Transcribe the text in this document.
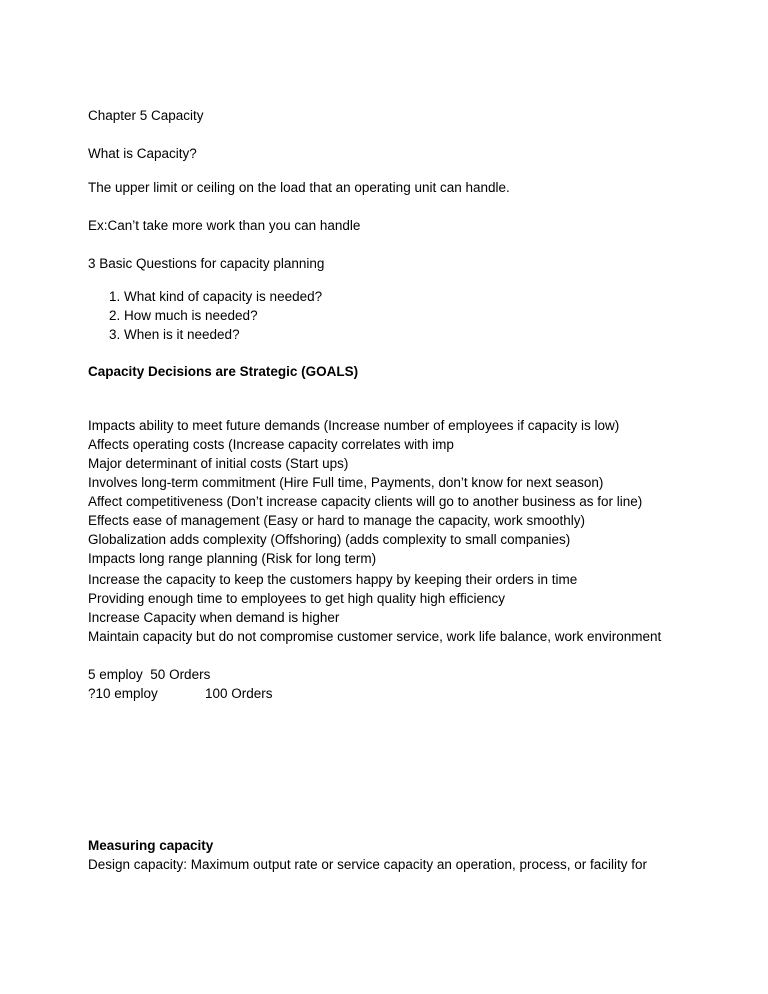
Chapter 5 Capacity

What is Capacity?

The upper limit or ceiling on the load that an operating unit can handle.

Ex:Can’t take more work than you can handle

3 Basic Questions for capacity planning

1. What kind of capacity is needed?
2. How much is needed?
3. When is it needed?

Capacity Decisions are Strategic (GOALS)

Impacts ability to meet future demands (Increase number of employees if capacity is low)
Affects operating costs (Increase capacity correlates with imp
Major determinant of initial costs (Start ups)
Involves long-term commitment (Hire Full time, Payments, don’t know for next season)
Affect competitiveness (Don’t increase capacity clients will go to another business as for line)
Effects ease of management (Easy or hard to manage the capacity, work smoothly)
Globalization adds complexity (Offshoring) (adds complexity to small companies)
Impacts long range planning (Risk for long term)
Increase the capacity to keep the customers happy by keeping their orders in time
Providing enough time to employees to get high quality high efficiency
Increase Capacity when demand is higher
Maintain capacity but do not compromise customer service, work life balance, work environment
5 employ 50 Orders
?10 employ	100 Orders

Measuring capacity

Design capacity: Maximum output rate or service capacity an operation, process, or facility for
